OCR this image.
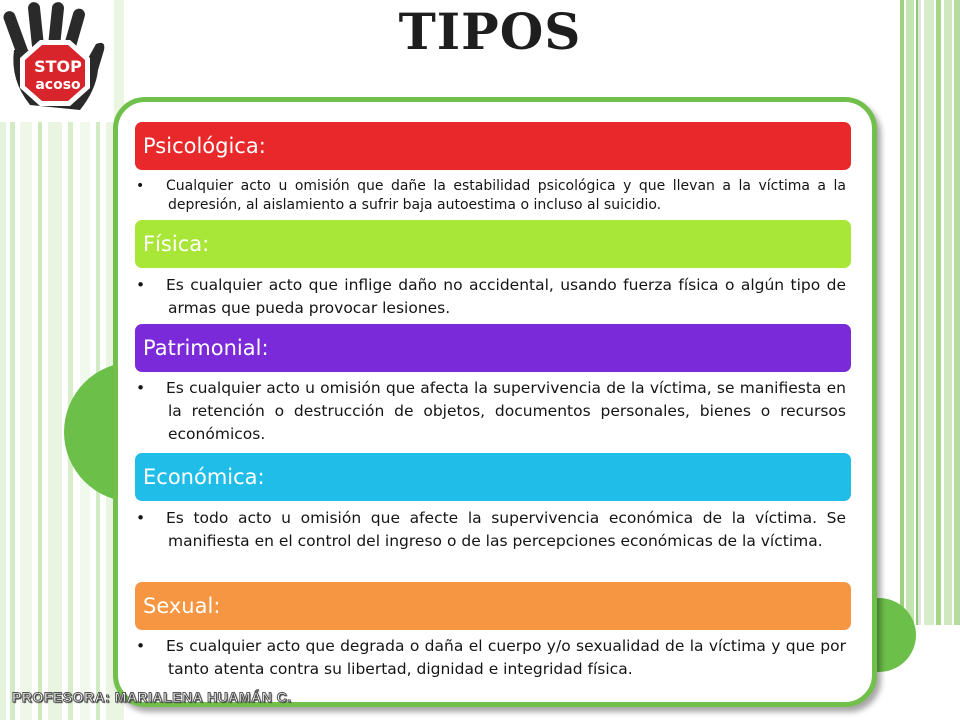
STOP
acoso
TIPOS
Psicológica:
• Cualquier acto u omisión que dañe la estabilidad psicológica y que llevan a la víctima a la depresión, al aislamiento a sufrir baja autoestima o incluso al suicidio.
Física:
• Es cualquier acto que inflige daño no accidental, usando fuerza física o algún tipo de armas que pueda provocar lesiones.
Patrimonial:
• Es cualquier acto u omisión que afecta la supervivencia de la víctima, se manifiesta en la retención o destrucción de objetos, documentos personales, bienes o recursos económicos.
Económica:
• Es todo acto u omisión que afecte la supervivencia económica de la víctima. Se manifiesta en el control del ingreso o de las percepciones económicas de la víctima.
Sexual:
• Es cualquier acto que degrada o daña el cuerpo y/o sexualidad de la víctima y que por tanto atenta contra su libertad, dignidad e integridad física.
PROFESORA: MARIALENA HUAMÁN C.
